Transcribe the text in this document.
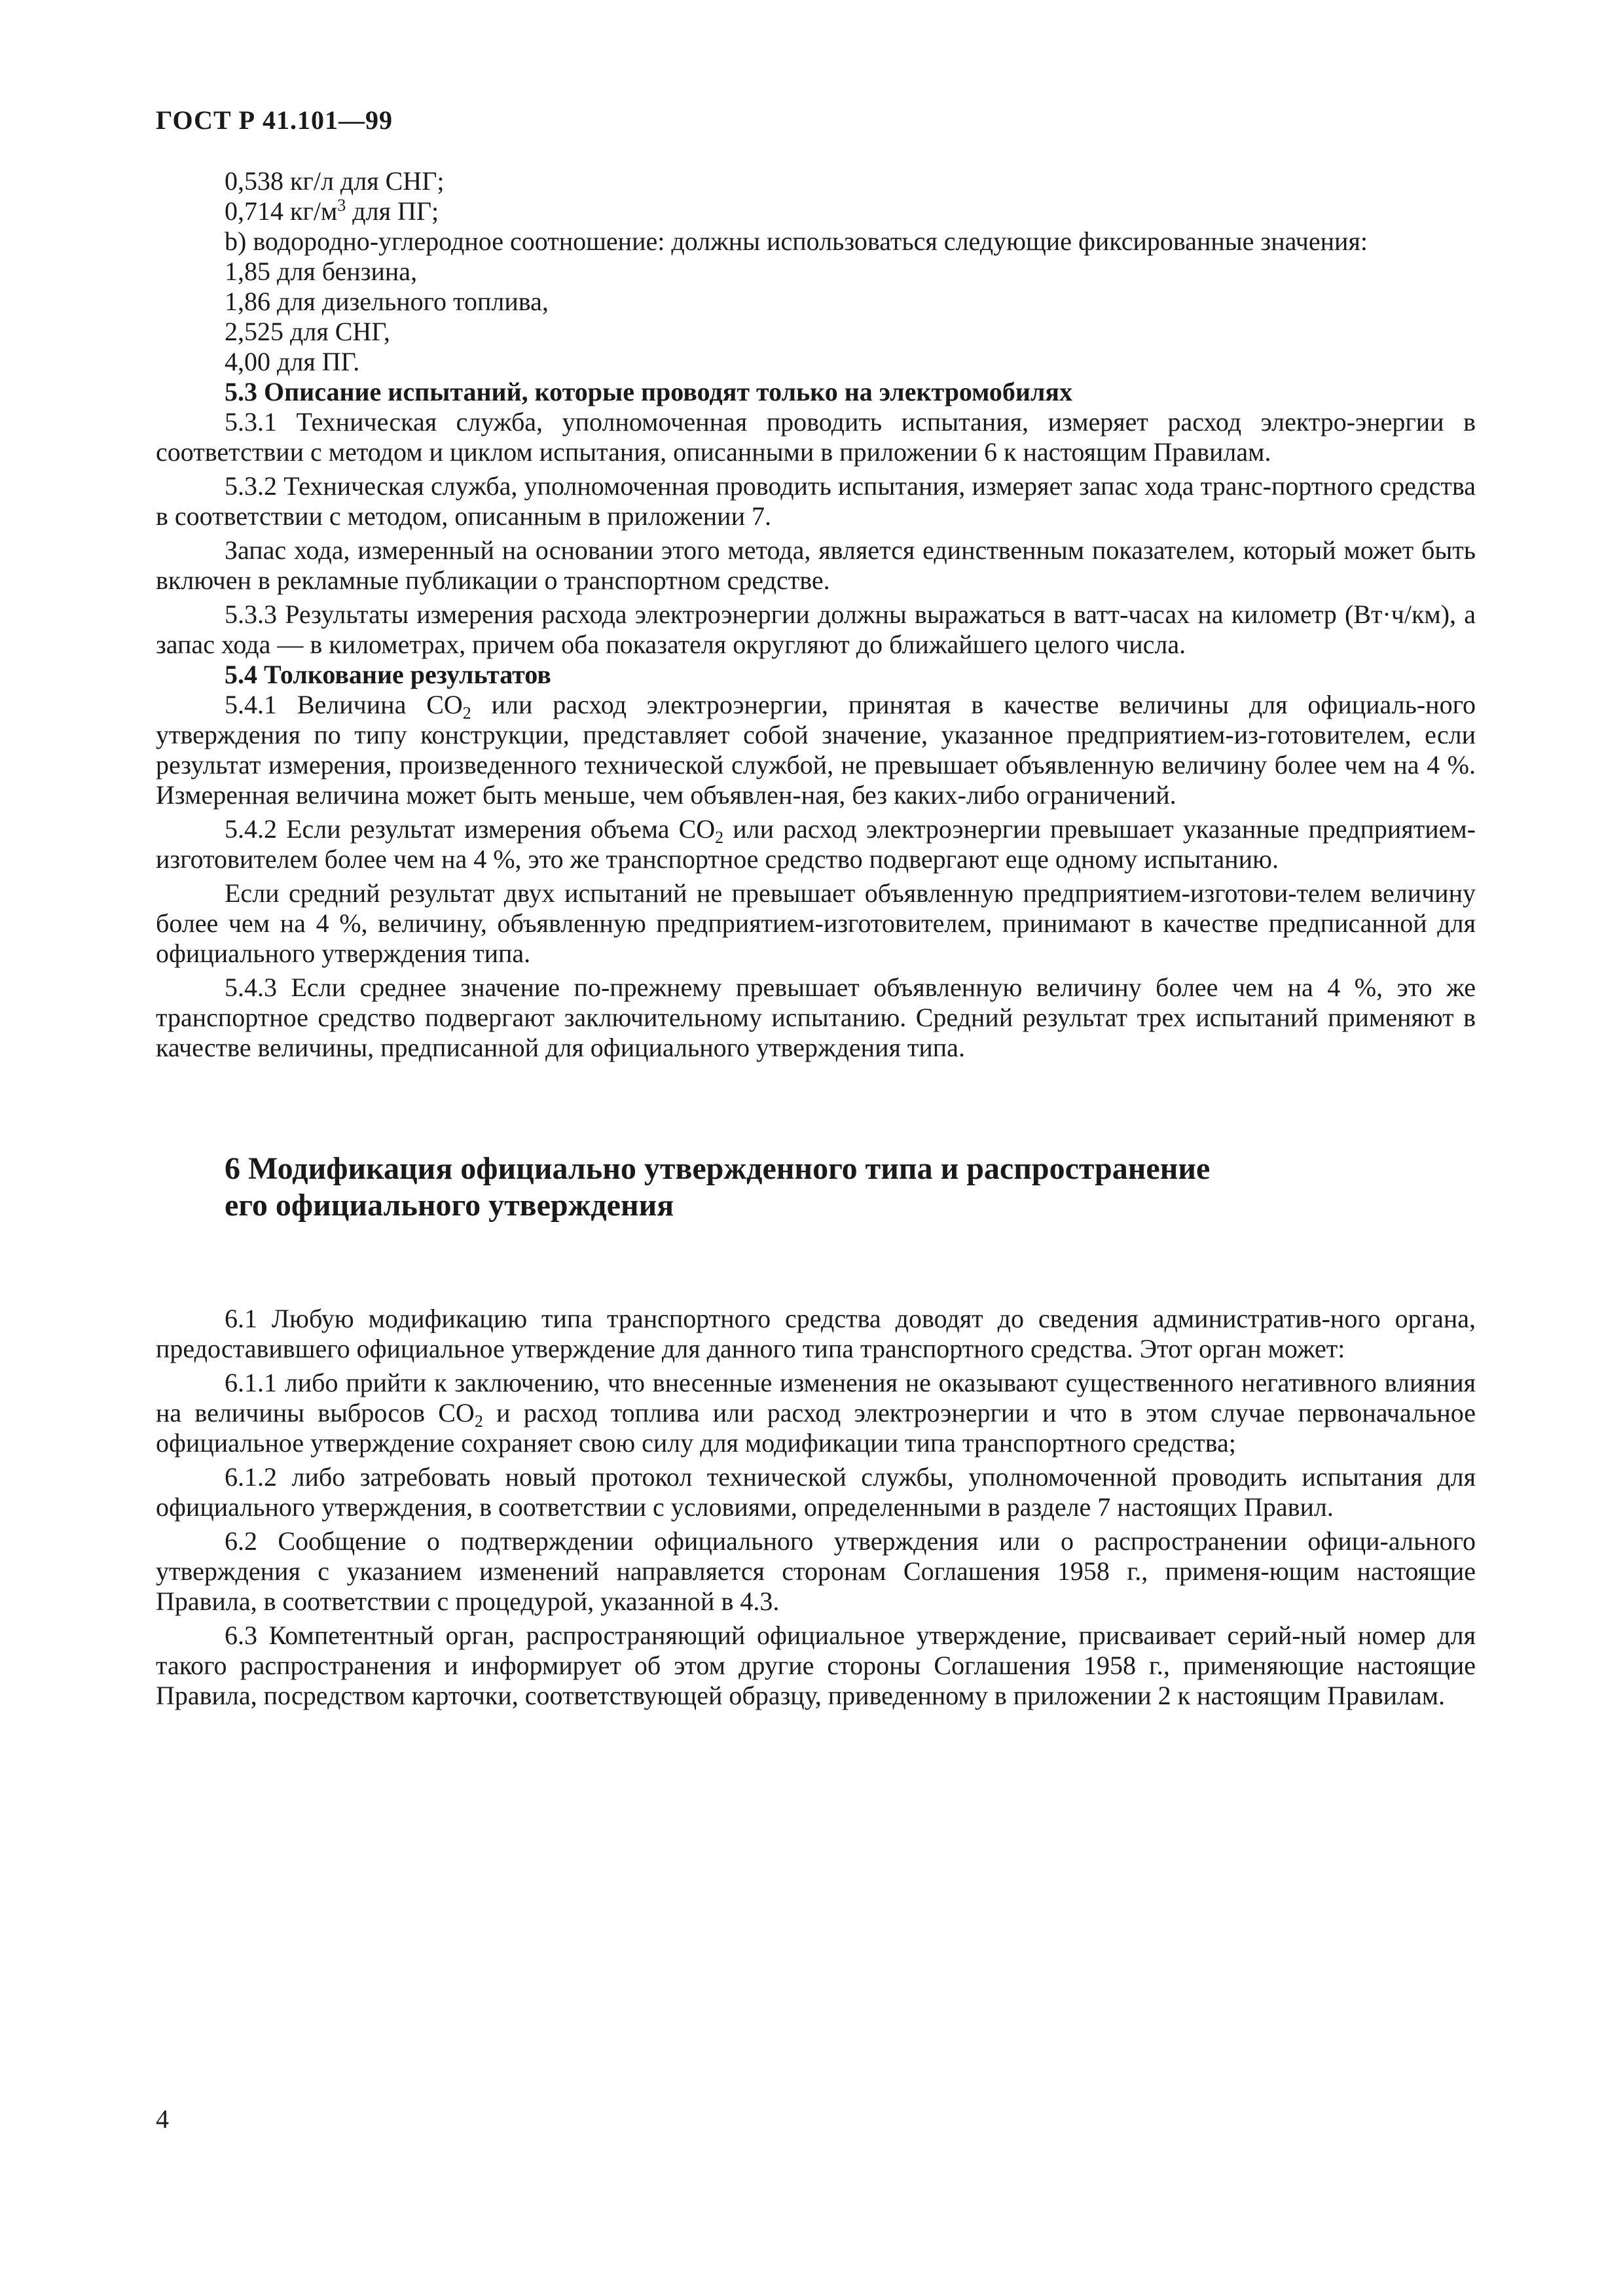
ГОСТ Р 41.101—99

0,538 кг/л для СНГ;

0,714 $кг/м^3$ для ПГ;

b) водородно-углеродное соотношение: должны использоваться следующие фиксированные значения:

1,85 для бензина,

1,86 для дизельного топлива,

2,525 для СНГ,

4,00 для ПГ.

5.3 Описание испытаний, которые проводят только на электромобилях

5.3.1 Техническая служба, уполномоченная проводить испытания, измеряет расход электро-энергии в соответствии с методом и циклом испытания, описанными в приложении 6 к настоящим Правилам.

5.3.2 Техническая служба, уполномоченная проводить испытания, измеряет запас хода транс-портного средства в соответствии с методом, описанным в приложении 7.

Запас хода, измеренный на основании этого метода, является единственным показателем, который может быть включен в рекламные публикации о транспортном средстве.

5.3.3 Результаты измерения расхода электроэнергии должны выражаться в ватт-часах на километр (Вт·ч/км), а запас хода — в километрах, причем оба показателя округляют до ближайшего целого числа.

5.4 Толкование результатов

5.4.1 Величина $CO_2$ или расход электроэнергии, принятая в качестве величины для официаль-ного утверждения по типу конструкции, представляет собой значение, указанное предприятием-из-готовителем, если результат измерения, произведенного технической службой, не превышает объявленную величину более чем на 4 %. Измеренная величина может быть меньше, чем объявлен-ная, без каких-либо ограничений.

5.4.2 Если результат измерения объема $CO_2$ или расход электроэнергии превышает указанные предприятием-изготовителем более чем на 4 %, это же транспортное средство подвергают еще одному испытанию.

Если средний результат двух испытаний не превышает объявленную предприятием-изготови-телем величину более чем на 4 %, величину, объявленную предприятием-изготовителем, принимают в качестве предписанной для официального утверждения типа.

5.4.3 Если среднее значение по-прежнему превышает объявленную величину более чем на 4 %, это же транспортное средство подвергают заключительному испытанию. Средний результат трех испытаний применяют в качестве величины, предписанной для официального утверждения типа.

6 Модификация официально утвержденного типа и распространение
его официального утверждения

6.1 Любую модификацию типа транспортного средства доводят до сведения административ-ного органа, предоставившего официальное утверждение для данного типа транспортного средства. Этот орган может:

6.1.1 либо прийти к заключению, что внесенные изменения не оказывают существенного негативного влияния на величины выбросов $CO_2$ и расход топлива или расход электроэнергии и что в этом случае первоначальное официальное утверждение сохраняет свою силу для модификации типа транспортного средства;

6.1.2 либо затребовать новый протокол технической службы, уполномоченной проводить испытания для официального утверждения, в соответствии с условиями, определенными в разделе 7 настоящих Правил.

6.2 Сообщение о подтверждении официального утверждения или о распространении офици-ального утверждения с указанием изменений направляется сторонам Соглашения 1958 г., применя-ющим настоящие Правила, в соответствии с процедурой, указанной в 4.3.

6.3 Компетентный орган, распространяющий официальное утверждение, присваивает серий-ный номер для такого распространения и информирует об этом другие стороны Соглашения 1958 г., применяющие настоящие Правила, посредством карточки, соответствующей образцу, приведенному в приложении 2 к настоящим Правилам.

4
